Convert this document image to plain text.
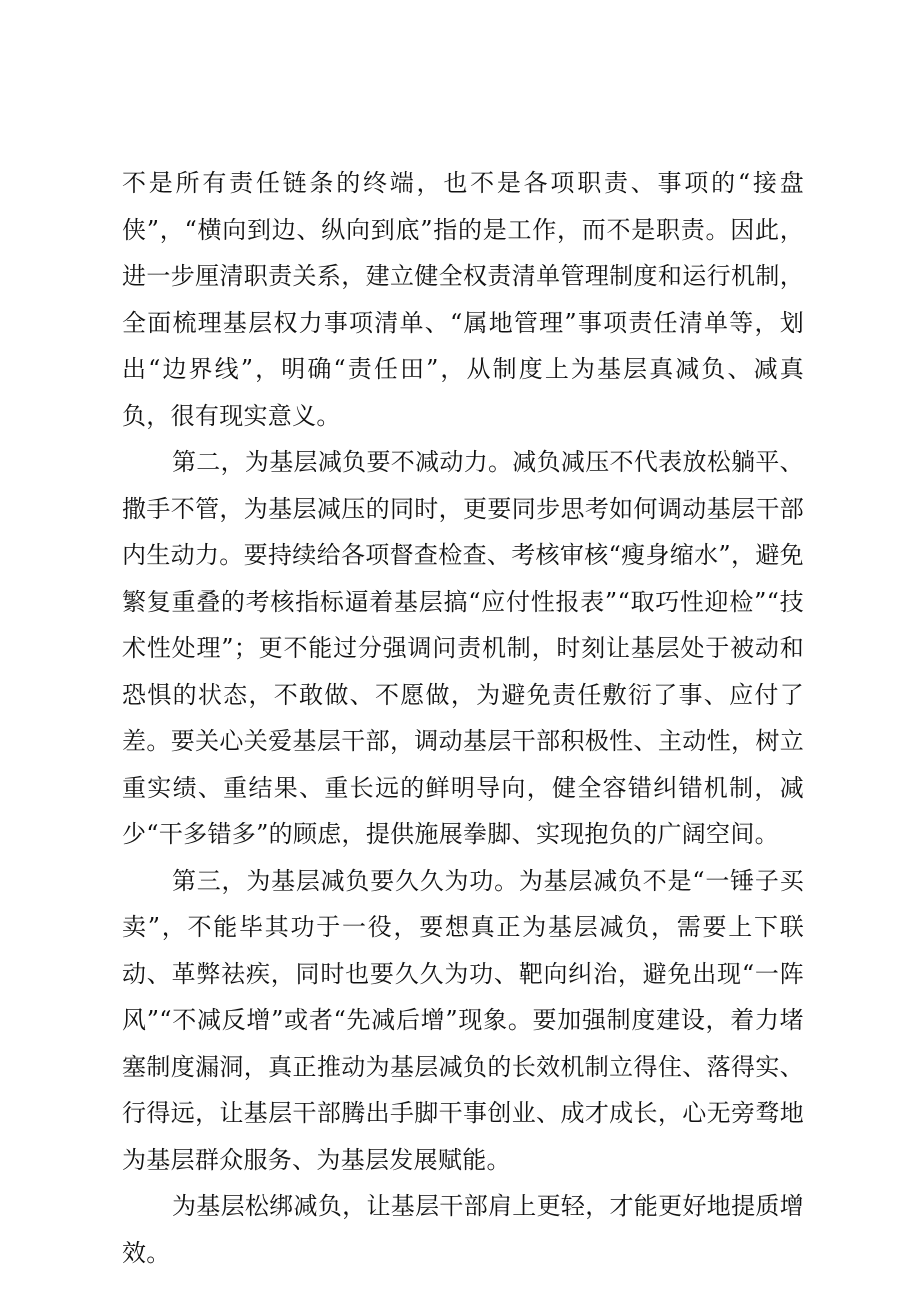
不是所有责任链条的终端，也不是各项职责、事项的“接盘侠”，“横向到边、纵向到底”指的是工作，而不是职责。因此，进一步厘清职责关系，建立健全权责清单管理制度和运行机制，全面梳理基层权力事项清单、“属地管理”事项责任清单等，划出“边界线”，明确“责任田”，从制度上为基层真减负、减真负，很有现实意义。

第二，为基层减负要不减动力。减负减压不代表放松躺平、撒手不管，为基层减压的同时，更要同步思考如何调动基层干部内生动力。要持续给各项督查检查、考核审核“瘦身缩水”，避免繁复重叠的考核指标逼着基层搞“应付性报表”“取巧性迎检”“技术性处理”；更不能过分强调问责机制，时刻让基层处于被动和恐惧的状态，不敢做、不愿做，为避免责任敷衍了事、应付了差。要关心关爱基层干部，调动基层干部积极性、主动性，树立重实绩、重结果、重长远的鲜明导向，健全容错纠错机制，减少“干多错多”的顾虑，提供施展拳脚、实现抱负的广阔空间。

第三，为基层减负要久久为功。为基层减负不是“一锤子买卖”，不能毕其功于一役，要想真正为基层减负，需要上下联动、革弊祛疾，同时也要久久为功、靶向纠治，避免出现“一阵风”“不减反增”或者“先减后增”现象。要加强制度建设，着力堵塞制度漏洞，真正推动为基层减负的长效机制立得住、落得实、行得远，让基层干部腾出手脚干事创业、成才成长，心无旁骛地为基层群众服务、为基层发展赋能。

为基层松绑减负，让基层干部肩上更轻，才能更好地提质增效。
